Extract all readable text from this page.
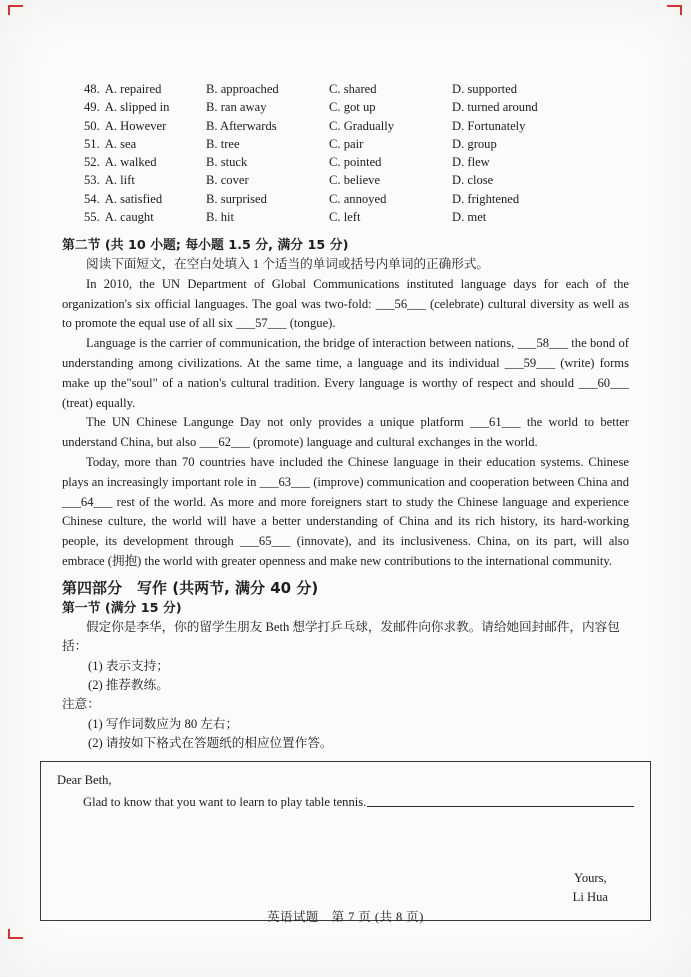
48. A. repaired	B. approached	C. shared	D. supported
49. A. slipped in	B. ran away	C. got up	D. turned around
50. A. However	B. Afterwards	C. Gradually	D. Fortunately
51. A. sea	B. tree	C. pair	D. group
52. A. walked	B. stuck	C. pointed	D. flew
53. A. lift	B. cover	C. believe	D. close
54. A. satisfied	B. surprised	C. annoyed	D. frightened
55. A. caught	B. hit	C. left	D. met
第二节 (共 10 小题; 每小题 1.5 分, 满分 15 分)
阅读下面短文，在空白处填入 1 个适当的单词或括号内单词的正确形式。

In 2010, the UN Department of Global Communications instituted language days for each of the organization's six official languages. The goal was two-fold: ___56___ (celebrate) cultural diversity as well as to promote the equal use of all six ___57___ (tongue).

Language is the carrier of communication, the bridge of interaction between nations, ___58___ the bond of understanding among civilizations. At the same time, a language and its individual ___59___ (write) forms make up the"soul" of a nation's cultural tradition. Every language is worthy of respect and should ___60___ (treat) equally.

The UN Chinese Langunge Day not only provides a unique platform ___61___ the world to better understand China, but also ___62___ (promote) language and cultural exchanges in the world.

Today, more than 70 countries have included the Chinese language in their education systems. Chinese plays an increasingly important role in ___63___ (improve) communication and cooperation between China and ___64___ rest of the world. As more and more foreigners start to study the Chinese language and experience Chinese culture, the world will have a better understanding of China and its rich history, its hard-working people, its development through ___65___ (innovate), and its inclusiveness. China, on its part, will also embrace (拥抱) the world with greater openness and make new contributions to the international community.

第四部分　写作 (共两节, 满分 40 分)
第一节 (满分 15 分)
假定你是李华，你的留学生朋友 Beth 想学打乒乓球，发邮件向你求教。请给她回封邮件，内容包括：
(1) 表示支持；
(2) 推荐教练。
注意：
(1) 写作词数应为 80 左右；
(2) 请按如下格式在答题纸的相应位置作答。
Dear Beth,
Glad to know that you want to learn to play table tennis.
Yours,
Li Hua
英语试题　第 7 页 (共 8 页)
